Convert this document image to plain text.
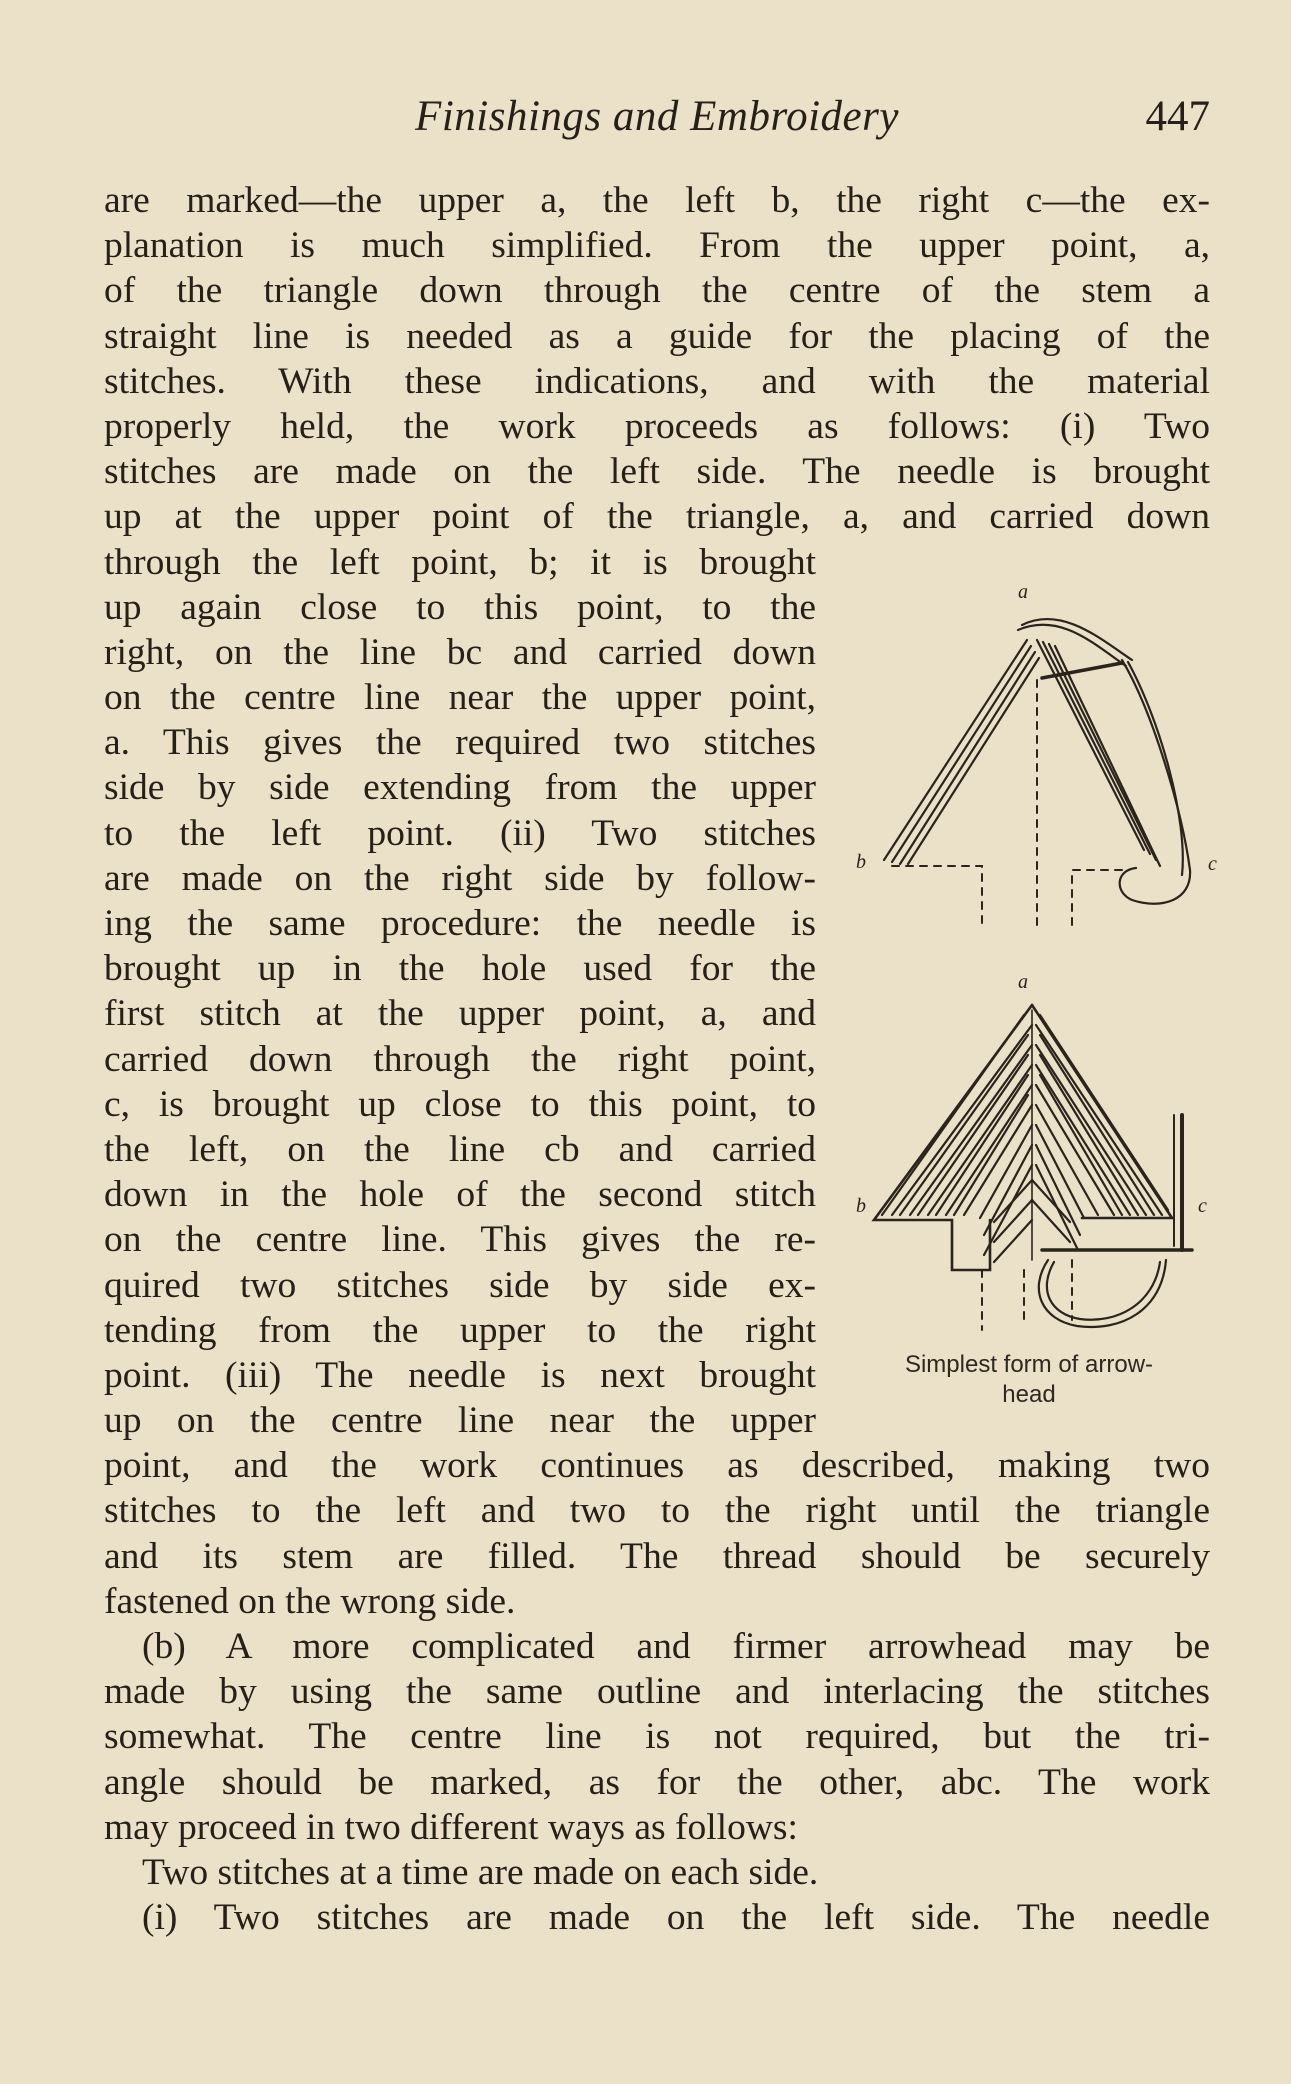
Finishings and Embroidery	447
are marked—the upper a, the left b, the right c—the ex-
planation is much simplified. From the upper point, a,
of the triangle down through the centre of the stem a
straight line is needed as a guide for the placing of the
stitches. With these indications, and with the material
properly held, the work proceeds as follows: (i) Two
stitches are made on the left side. The needle is brought
up at the upper point of the triangle, a, and carried down
through the left point, b; it is brought
up again close to this point, to the
right, on the line bc and carried down
on the centre line near the upper point,
a. This gives the required two stitches
side by side extending from the upper
to the left point. (ii) Two stitches
are made on the right side by follow-
ing the same procedure: the needle is
brought up in the hole used for the
first stitch at the upper point, a, and
carried down through the right point,
c, is brought up close to this point, to
the left, on the line cb and carried
down in the hole of the second stitch
on the centre line. This gives the re-
quired two stitches side by side ex-
tending from the upper to the right
point. (iii) The needle is next brought
up on the centre line near the upper
point, and the work continues as described, making two
stitches to the left and two to the right until the triangle
and its stem are filled. The thread should be securely
fastened on the wrong side.
(b) A more complicated and firmer arrowhead may be
made by using the same outline and interlacing the stitches
somewhat. The centre line is not required, but the tri-
angle should be marked, as for the other, abc. The work
may proceed in two different ways as follows:
Two stitches at a time are made on each side.
(i) Two stitches are made on the left side. The needle
a
b	c
a
b	c
Simplest form of arrow-
head
